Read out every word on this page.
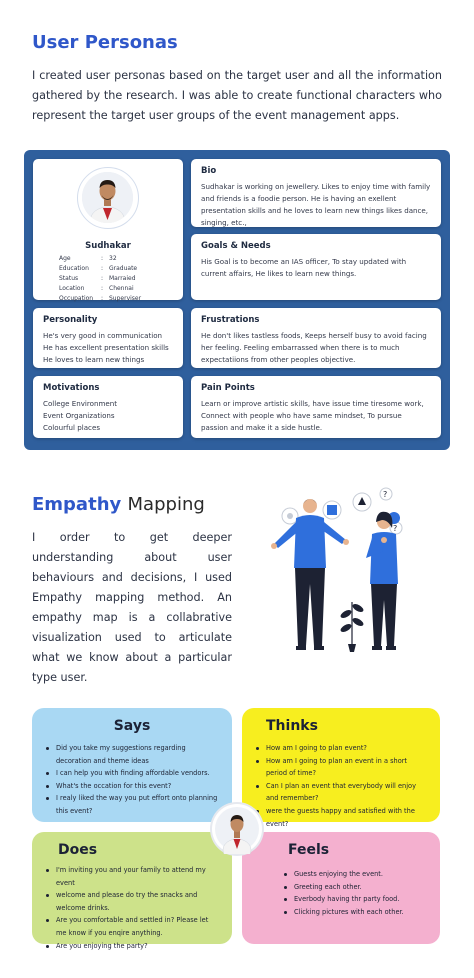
User Personas

I created user personas based on the target user and all the information gathered by the research. I was able to create functional characters who represent the target user groups of the event management apps.

Sudhakar
Age	: 32
Education	: Graduate
Status	: Marraied
Location	: Chennai
Occupation	: Superviser
Bio
Sudhakar is working on jewellery. Likes to enjoy time with family and friends is a foodie person. He is having an exellent presentation skills and he loves to learn new things likes dance, singing, etc.,
Goals & Needs
His Goal is to become an IAS officer, To stay updated with current affairs, He likes to learn new things.
Personality
He's very good in communication
He has excellent presentation skills
He loves to learn new things
Frustrations
He don't likes tastless foods, Keeps herself busy to avoid facing her feeling. Feeling embarrassed when there is to much expectatiions from other peoples objective.
Motivations
College Environment
Event Organizations
Colourful places
Pain Points
Learn or improve artistic skills, have issue time tiresome work, Connect with people who have same mindset, To pursue passion and make it a side hustle.
Empathy Mapping

I order to get deeper understanding about user behaviours and decisions, I used Empathy mapping method. An empathy map is a collabrative visualization used to articulate what we know about a particular type user.

?
?
Says
Did you take my suggestions regarding decoration and theme ideas
I can help you with finding affordable vendors.
What's the occation for this event?
I realy liked the way you put effort onto planning this event?
Thinks
How am I going to plan event?
How am I going to plan an event in a short period of time?
Can I plan an event that everybody will enjoy and remember?
were the guests happy and satisfied with the event?
Does
I'm inviting you and your family to attend my event
welcome and please do try the snacks and welcome drinks.
Are you comfortable and settled in? Please let me know if you enqire anything.
Are you enjoying the party?
Feels
Guests enjoying the event.
Greeting each other.
Everbody having thr party food.
Clicking pictures with each other.
